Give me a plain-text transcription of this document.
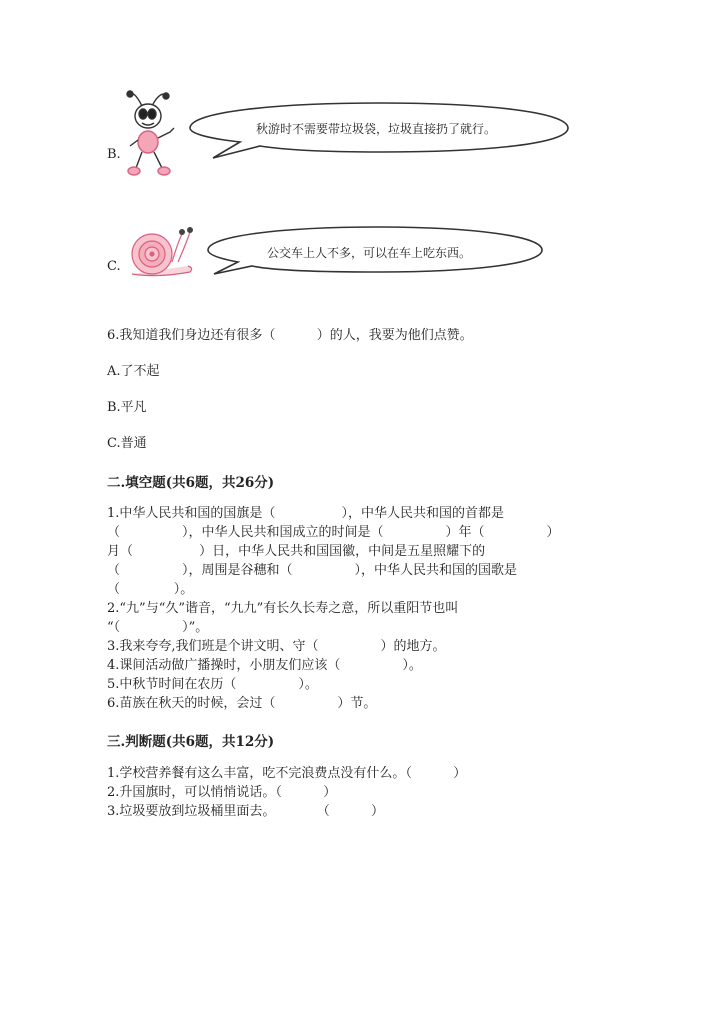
B.
秋游时不需要带垃圾袋，垃圾直接扔了就行。
C.
公交车上人不多，可以在车上吃东西。
6.我知道我们身边还有很多（          ）的人，我要为他们点赞。
A.了不起
B.平凡
C.普通
二.填空题(共6题，共26分)
1.中华人民共和国的国旗是（                ），中华人民共和国的首都是
（               ），中华人民共和国成立的时间是（               ）年（               ）
月（                ）日，中华人民共和国国徽，中间是五星照耀下的
（               ），周围是谷穗和（               ），中华人民共和国的国歌是
（             ）。
2.“九”与“久”谐音，“九九”有长久长寿之意，所以重阳节也叫
“（               ）”。
3.我来夸夸,我们班是个讲文明、守（               ）的地方。
4.课间活动做广播操时，小朋友们应该（               ）。
5.中秋节时间在农历（               ）。
6.苗族在秋天的时候，会过（               ）节。
三.判断题(共6题，共12分)
1.学校营养餐有这么丰富，吃不完浪费点没有什么。（          ）
2.升国旗时，可以悄悄说话。（          ）
3.垃圾要放到垃圾桶里面去。          （          ）
